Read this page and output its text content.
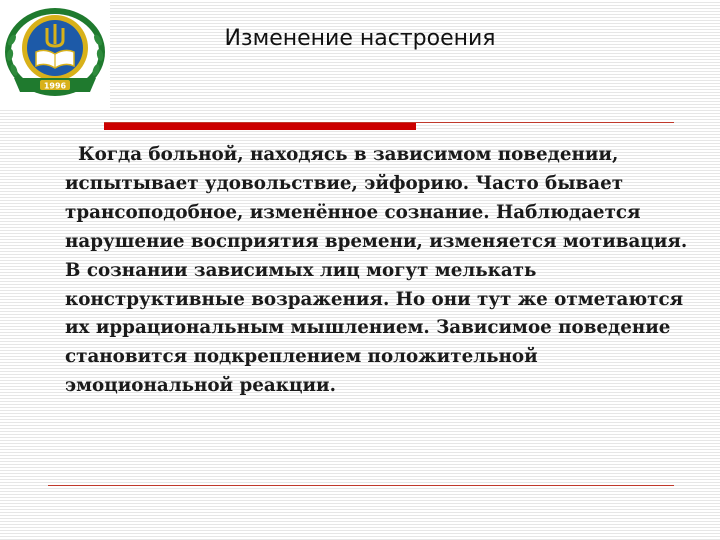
1996
Изменение настроения
Когда больной, находясь в зависимом поведении,
испытывает удовольствие, эйфорию. Часто бывает
трансоподобное, изменённое сознание. Наблюдается
нарушение восприятия времени, изменяется мотивация.
В сознании зависимых лиц могут мелькать
конструктивные возражения. Но они тут же отметаются
их иррациональным мышлением. Зависимое поведение
становится подкреплением положительной
эмоциональной реакции.
